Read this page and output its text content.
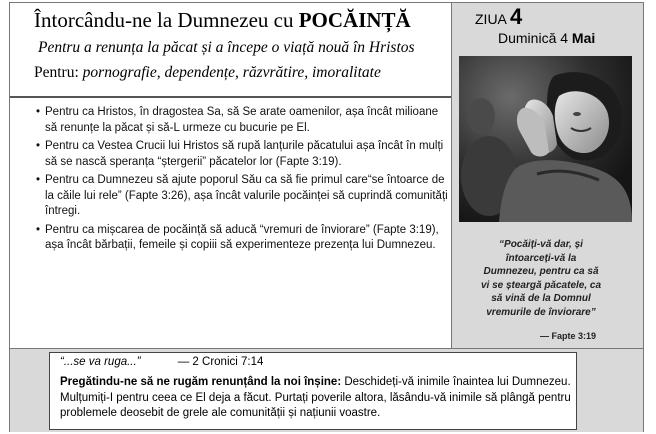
Întorcându-ne la Dumnezeu cu POCĂINȚĂ
Pentru a renunța la păcat și a începe o viață nouă în Hristos
Pentru: pornografie, dependențe, răzvrătire, imoralitate
ZIUA 4
Duminică 4 Mai
“Pocăiți-vă dar, și întoarceți-vă la Dumnezeu, pentru ca să vi se șteargă păcatele, ca să vină de la Domnul vremurile de înviorare”
— Fapte 3:19
• Pentru ca Hristos, în dragostea Sa, să Se arate oamenilor, așa încât milioane să renunțe la păcat și să-L urmeze cu bucurie pe El.
• Pentru ca Vestea Crucii lui Hristos să rupă lanțurile păcatului așa încât în mulți să se nască speranța “ștergerii” păcatelor lor (Fapte 3:19).
• Pentru ca Dumnezeu să ajute poporul Său ca să fie primul care“se întoarce de la căile lui rele” (Fapte 3:26), așa încât valurile pocăinței să cuprindă comunități întregi.
• Pentru ca mișcarea de pocăință să aducă “vremuri de înviorare” (Fapte 3:19), așa încât bărbații, femeile și copiii să experimenteze prezența lui Dumnezeu.
“...se va ruga...”	— 2 Cronici 7:14
Pregătindu-ne să ne rugăm renunțând la noi înșine: Deschideți-vă inimile înaintea lui Dumnezeu. Mulțumiți-I pentru ceea ce El deja a făcut. Purtați poverile altora, lăsându-vă inimile să plângă pentru problemele deosebit de grele ale comunității și națiunii voastre.
